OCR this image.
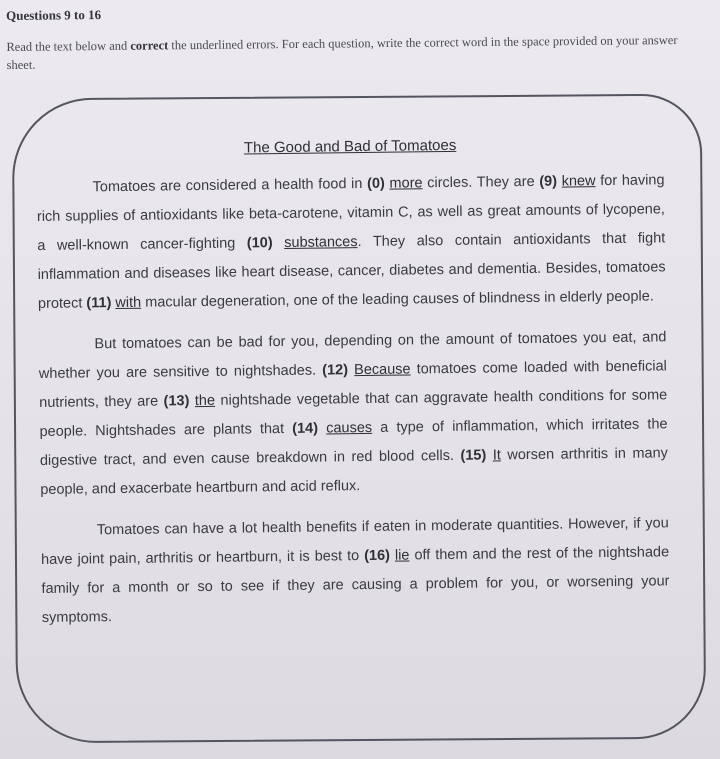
Questions 9 to 16
Read the text below and correct the underlined errors. For each question, write the correct word in the space provided on your answer sheet.
The Good and Bad of Tomatoes
Tomatoes are considered a health food in (0) more circles. They are (9) knew for having rich supplies of antioxidants like beta-carotene, vitamin C, as well as great amounts of lycopene, a well-known cancer-fighting (10) substances. They also contain antioxidants that fight inflammation and diseases like heart disease, cancer, diabetes and dementia. Besides, tomatoes protect (11) with macular degeneration, one of the leading causes of blindness in elderly people.
But tomatoes can be bad for you, depending on the amount of tomatoes you eat, and whether you are sensitive to nightshades. (12) Because tomatoes come loaded with beneficial nutrients, they are (13) the nightshade vegetable that can aggravate health conditions for some people. Nightshades are plants that (14) causes a type of inflammation, which irritates the digestive tract, and even cause breakdown in red blood cells. (15) It worsen arthritis in many people, and exacerbate heartburn and acid reflux.
Tomatoes can have a lot health benefits if eaten in moderate quantities. However, if you have joint pain, arthritis or heartburn, it is best to (16) lie off them and the rest of the nightshade family for a month or so to see if they are causing a problem for you, or worsening your symptoms.
